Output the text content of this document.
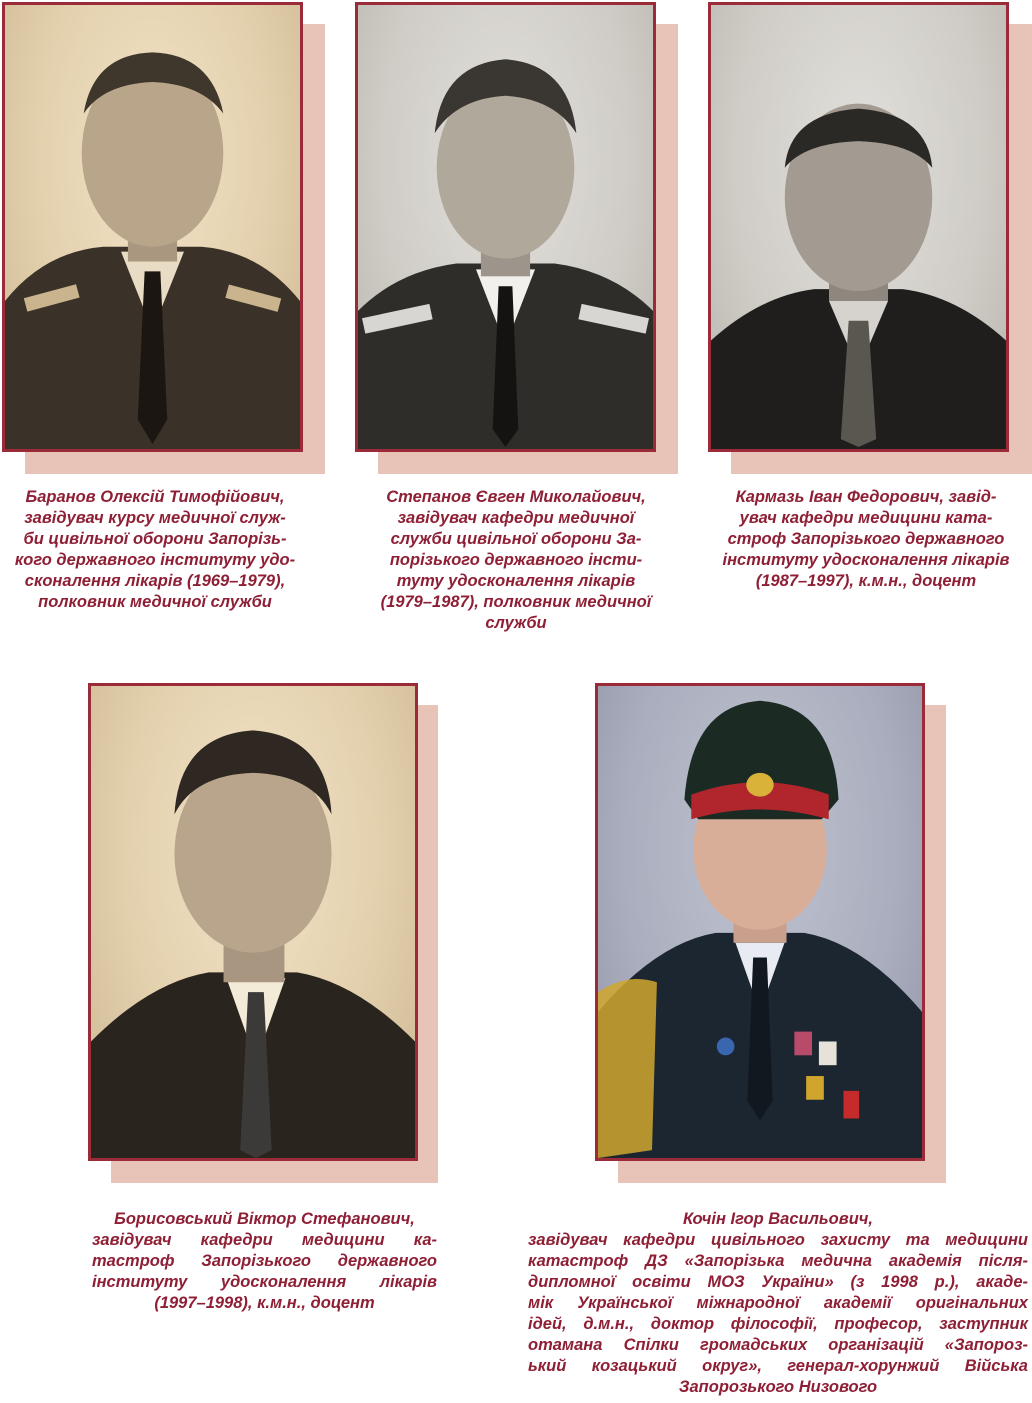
Баранов Олексій Тимофійович,
завідувач курсу медичної служ-
би цивільної оборони Запорізь-
кого державного інституту удо-
сконалення лікарів (1969–1979),
полковник медичної служби

Степанов Євген Миколайович,
завідувач кафедри медичної
служби цивільної оборони За-
порізького державного інсти-
туту удосконалення лікарів
(1979–1987), полковник медичної
служби

Кармазь Іван Федорович, завід-
увач кафедри медицини ката-
строф Запорізького державного
інституту удосконалення лікарів
(1987–1997), к.м.н., доцент

Борисовський Віктор Стефанович,
завідувач кафедри медицини ка-
тастроф Запорізького державного
інституту удосконалення лікарів
(1997–1998), к.м.н., доцент

Кочін Ігор Васильович,
завідувач кафедри цивільного захисту та медицини
катастроф ДЗ «Запорізька медична академія після-
дипломної освіти МОЗ України» (з 1998 р.), акаде-
мік Української міжнародної академії оригінальних
ідей, д.м.н., доктор філософії, професор, заступник
отамана Спілки громадських організацій «Запороз-
ький козацький округ», генерал-хорунжий Війська
Запорозького Низового
